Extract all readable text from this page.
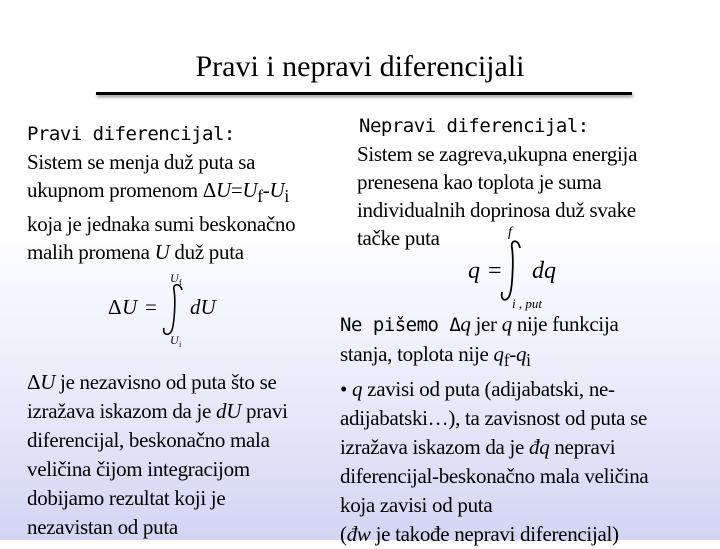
Pravi i nepravi diferencijali
Pravi diferencijal:
Sistem se menja duž puta sa
ukupnom promenom $\Delta U=U_f-U_i$
koja je jednaka sumi beskonačno
malih promena U duž puta
Δ U =
U f
U i
dU
ΔU je nezavisno od puta što se
izražava iskazom da je dU pravi
diferencijal, beskonačno mala
veličina čijom integracijom
dobijamo rezultat koji je
nezavistan od puta
Nepravi diferencijal:
Sistem se zagreva,ukupna energija
prenesena kao toplota je suma
individualnih doprinosa duž svake
tačke puta
q =
f
i , put
dq
Ne pišemo Δq jer q nije funkcija
stanja, toplota nije $q_f-q_i$
• q zavisi od puta (adijabatski, ne-
adijabatski…), ta zavisnost od puta se
izražava iskazom da je đq nepravi
diferencijal-beskonačno mala veličina
koja zavisi od puta
(đw je takođe nepravi diferencijal)
